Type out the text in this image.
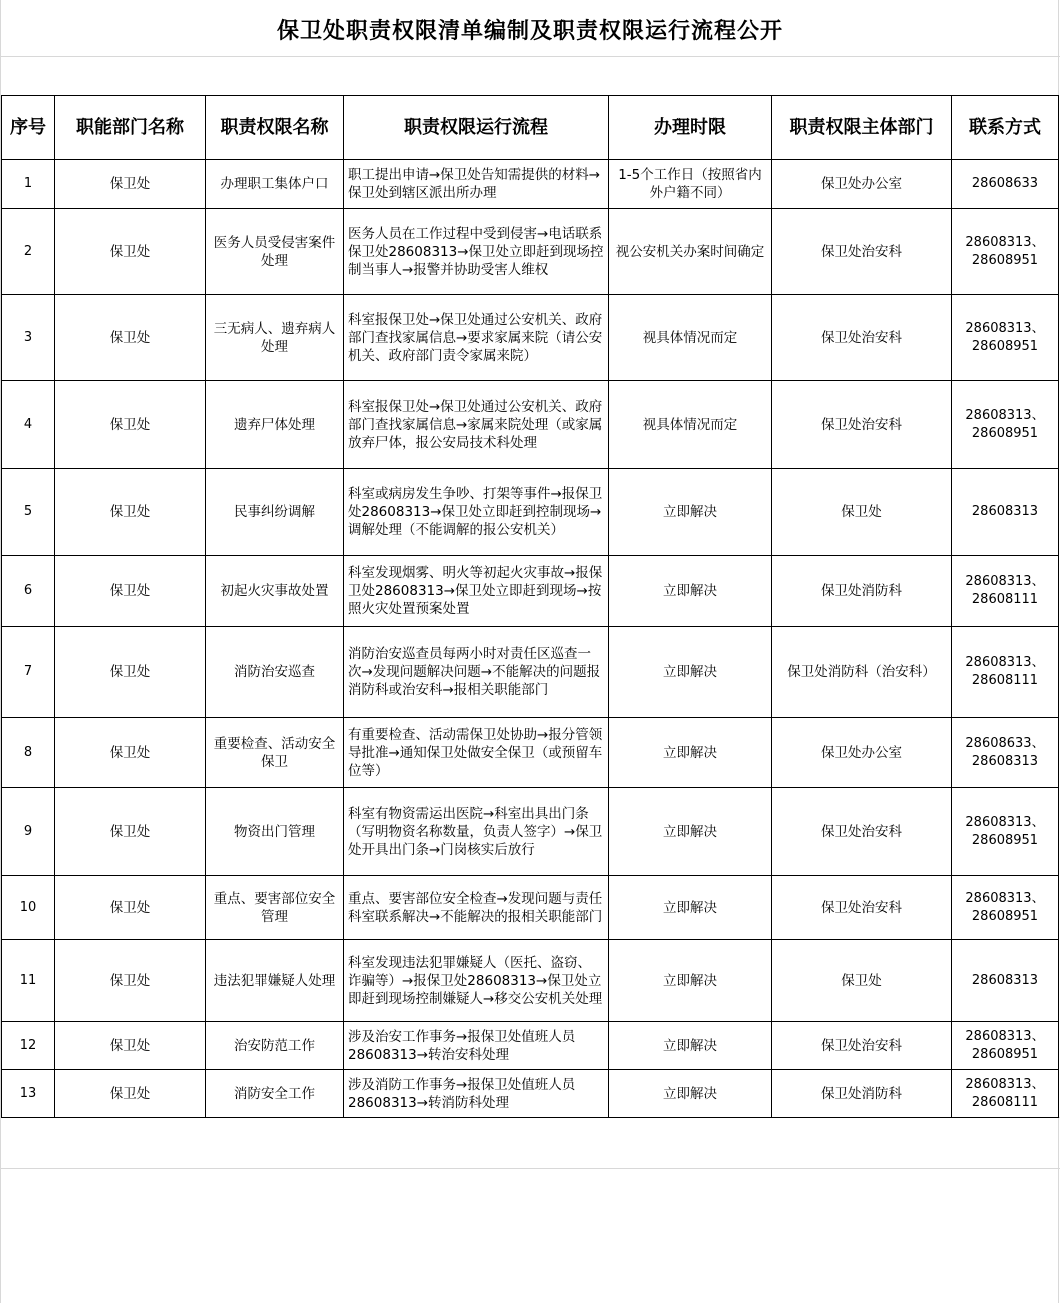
保卫处职责权限清单编制及职责权限运行流程公开
序号	职能部门名称	职责权限名称	职责权限运行流程	办理时限	职责权限主体部门	联系方式
1	保卫处	办理职工集体户口	职工提出申请→保卫处告知需提供的材料→保卫处到辖区派出所办理	1-5个工作日（按照省内外户籍不同）	保卫处办公室	28608633
2	保卫处	医务人员受侵害案件处理	医务人员在工作过程中受到侵害→电话联系保卫处28608313→保卫处立即赶到现场控制当事人→报警并协助受害人维权	视公安机关办案时间确定	保卫处治安科	28608313、28608951
3	保卫处	三无病人、遗弃病人处理	科室报保卫处→保卫处通过公安机关、政府部门查找家属信息→要求家属来院（请公安机关、政府部门责令家属来院）	视具体情况而定	保卫处治安科	28608313、28608951
4	保卫处	遗弃尸体处理	科室报保卫处→保卫处通过公安机关、政府部门查找家属信息→家属来院处理（或家属放弃尸体，报公安局技术科处理	视具体情况而定	保卫处治安科	28608313、28608951
5	保卫处	民事纠纷调解	科室或病房发生争吵、打架等事件→报保卫处28608313→保卫处立即赶到控制现场→调解处理（不能调解的报公安机关）	立即解决	保卫处	28608313
6	保卫处	初起火灾事故处置	科室发现烟雾、明火等初起火灾事故→报保卫处28608313→保卫处立即赶到现场→按照火灾处置预案处置	立即解决	保卫处消防科	28608313、28608111
7	保卫处	消防治安巡查	消防治安巡查员每两小时对责任区巡查一次→发现问题解决问题→不能解决的问题报消防科或治安科→报相关职能部门	立即解决	保卫处消防科（治安科）	28608313、28608111
8	保卫处	重要检查、活动安全保卫	有重要检查、活动需保卫处协助→报分管领导批准→通知保卫处做安全保卫（或预留车位等）	立即解决	保卫处办公室	28608633、28608313
9	保卫处	物资出门管理	科室有物资需运出医院→科室出具出门条（写明物资名称数量，负责人签字）→保卫处开具出门条→门岗核实后放行	立即解决	保卫处治安科	28608313、28608951
10	保卫处	重点、要害部位安全管理	重点、要害部位安全检查→发现问题与责任科室联系解决→不能解决的报相关职能部门	立即解决	保卫处治安科	28608313、28608951
11	保卫处	违法犯罪嫌疑人处理	科室发现违法犯罪嫌疑人（医托、盗窃、诈骗等）→报保卫处28608313→保卫处立即赶到现场控制嫌疑人→移交公安机关处理	立即解决	保卫处	28608313
12	保卫处	治安防范工作	涉及治安工作事务→报保卫处值班人员28608313→转治安科处理	立即解决	保卫处治安科	28608313、28608951
13	保卫处	消防安全工作	涉及消防工作事务→报保卫处值班人员28608313→转消防科处理	立即解决	保卫处消防科	28608313、28608111
